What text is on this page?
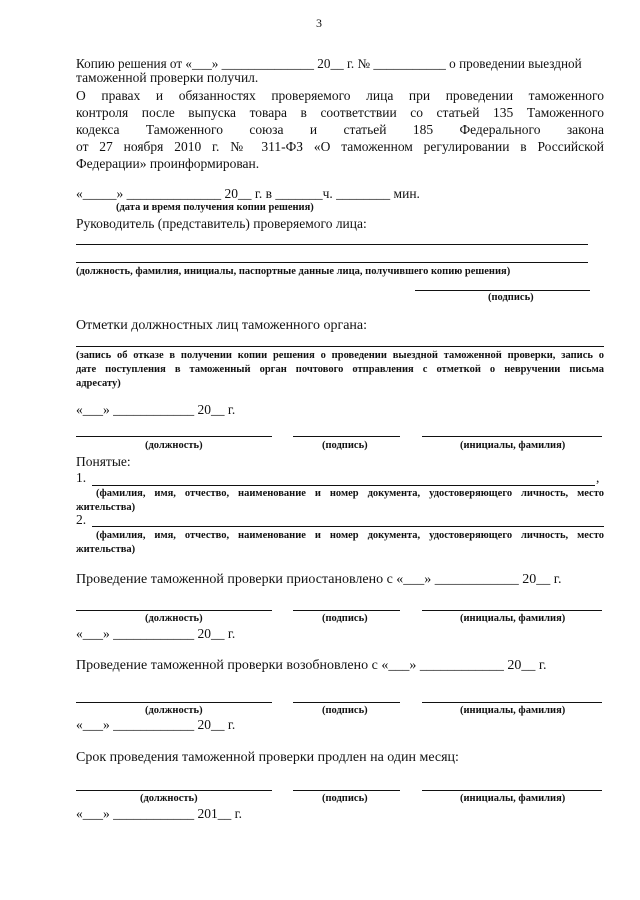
3
Копию решения от «___» ______________ 20__ г. № ___________ о проведении выездной
таможенной проверки получил.
О правах и обязанностях проверяемого лица при проведении таможенного
контроля после выпуска товара в соответствии со статьей 135 Таможенного
кодекса Таможенного союза и статьей 185 Федерального закона
от 27 ноября 2010 г. № 311-ФЗ «О таможенном регулировании в Российской
Федерации» проинформирован.
«_____» ______________ 20__ г. в _______ч. ________ мин.
(дата и время получения копии решения)
Руководитель (представитель) проверяемого лица:
(должность, фамилия, инициалы, паспортные данные лица, получившего копию решения)
(подпись)
Отметки должностных лиц таможенного органа:
(запись об отказе в получении копии решения о проведении выездной таможенной проверки, запись о
дате поступления в таможенный орган почтового отправления с отметкой о невручении письма
адресату)
«___» ____________ 20__ г.
(должность)	(подпись)	(инициалы, фамилия)
Понятые:
1.	,
(фамилия, имя, отчество, наименование и номер документа, удостоверяющего личность, место
жительства)
2.
(фамилия, имя, отчество, наименование и номер документа, удостоверяющего личность, место
жительства)
Проведение таможенной проверки приостановлено с «___» ____________ 20__ г.
(должность)	(подпись)	(инициалы, фамилия)
«___» ____________ 20__ г.
Проведение таможенной проверки возобновлено с «___» ____________ 20__ г.
(должность)	(подпись)	(инициалы, фамилия)
«___» ____________ 20__ г.
Срок проведения таможенной проверки продлен на один месяц:
(должность)	(подпись)	(инициалы, фамилия)
«___» ____________ 201__ г.
